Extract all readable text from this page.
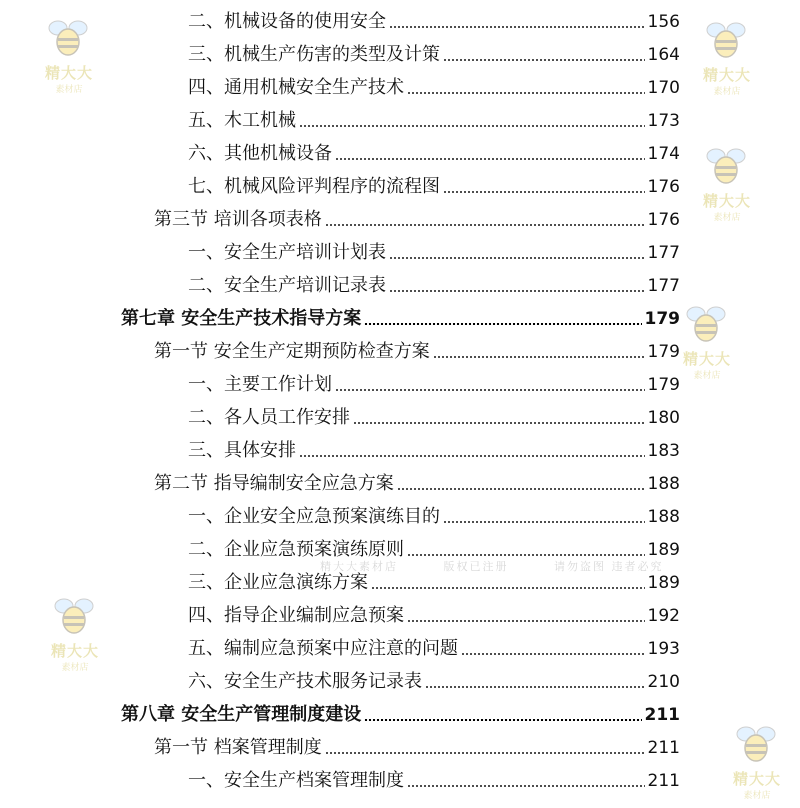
二、机械设备的使用安全	156
三、机械生产伤害的类型及计策	164
四、通用机械安全生产技术	170
五、木工机械	173
六、其他机械设备	174
七、机械风险评判程序的流程图	176
第三节 培训各项表格	176
一、安全生产培训计划表	177
二、安全生产培训记录表	177
第七章 安全生产技术指导方案	179
第一节 安全生产定期预防检查方案	179
一、主要工作计划	179
二、各人员工作安排	180
三、具体安排	183
第二节 指导编制安全应急方案	188
一、企业安全应急预案演练目的	188
二、企业应急预案演练原则	189
三、企业应急演练方案	189
四、指导企业编制应急预案	192
五、编制应急预案中应注意的问题	193
六、安全生产技术服务记录表	210
第八章 安全生产管理制度建设	211
第一节 档案管理制度	211
一、安全生产档案管理制度	211
精大大
素材店
精大大
素材店
精大大
素材店
精大大
素材店
精大大
素材店
精大大
素材店
精大大素材店	版权已注册	请勿盗图 违者必究
